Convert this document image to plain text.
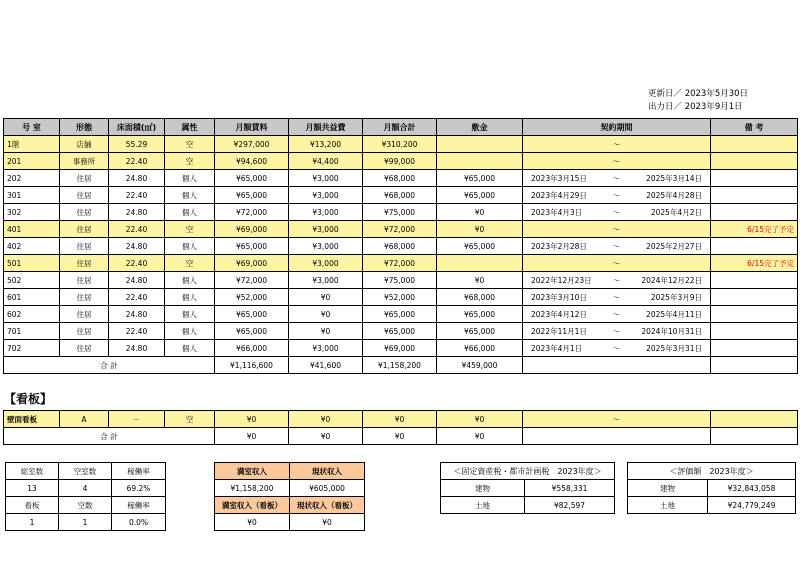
更新日／ 2023年5月30日
出力日／ 2023年9月1日
号 室	形態	床面積(㎡)	属性	月額賃料	月額共益費	月額合計	敷金	契約期間	備 考
1階	店舗	55.29	空	¥297,000	¥13,200	¥310,200		～	

201	事務所	22.40	空	¥94,600	¥4,400	¥99,000		～	

202	住居	24.80	個人	¥65,000	¥3,000	¥68,000	¥65,000	2023年3月15日 ～ 2025年3月14日	

301	住居	22.40	個人	¥65,000	¥3,000	¥68,000	¥65,000	2023年4月29日 ～ 2025年4月28日	

302	住居	24.80	個人	¥72,000	¥3,000	¥75,000	¥0	2023年4月3日 ～ 2025年4月2日	

401	住居	22.40	空	¥69,000	¥3,000	¥72,000	¥0	～	6/15完了予定
402	住居	24.80	個人	¥65,000	¥3,000	¥68,000	¥65,000	2023年2月28日 ～ 2025年2月27日	

501	住居	22.40	空	¥69,000	¥3,000	¥72,000		～	6/15完了予定
502	住居	24.80	個人	¥72,000	¥3,000	¥75,000	¥0	2022年12月23日 ～ 2024年12月22日	

601	住居	22.40	個人	¥52,000	¥0	¥52,000	¥68,000	2023年3月10日 ～ 2025年3月9日	

602	住居	24.80	個人	¥65,000	¥0	¥65,000	¥65,000	2023年4月12日 ～ 2025年4月11日	

701	住居	22.40	個人	¥65,000	¥0	¥65,000	¥65,000	2022年11月1日 ～ 2024年10月31日	

702	住居	24.80	個人	¥66,000	¥3,000	¥69,000	¥66,000	2023年4月1日 ～ 2025年3月31日	

合 計				¥1,116,600	¥41,600	¥1,158,200	¥459,000		
【看板】
壁面看板	A	－	空	¥0	¥0	¥0	¥0	～	
合 計				¥0	¥0	¥0	¥0		
総室数	空室数	稼働率
13	4	69.2%
看板	空数	稼働率
1	1	0.0%
満室収入	現状収入
¥1,158,200	¥605,000
満室収入（看板）	現状収入（看板）
¥0	¥0
＜固定資産税・都市計画税　2023年度＞	
建物	¥558,331
土地	¥82,597
＜評価額　2023年度＞	
建物	¥32,843,058
土地	¥24,779,249
